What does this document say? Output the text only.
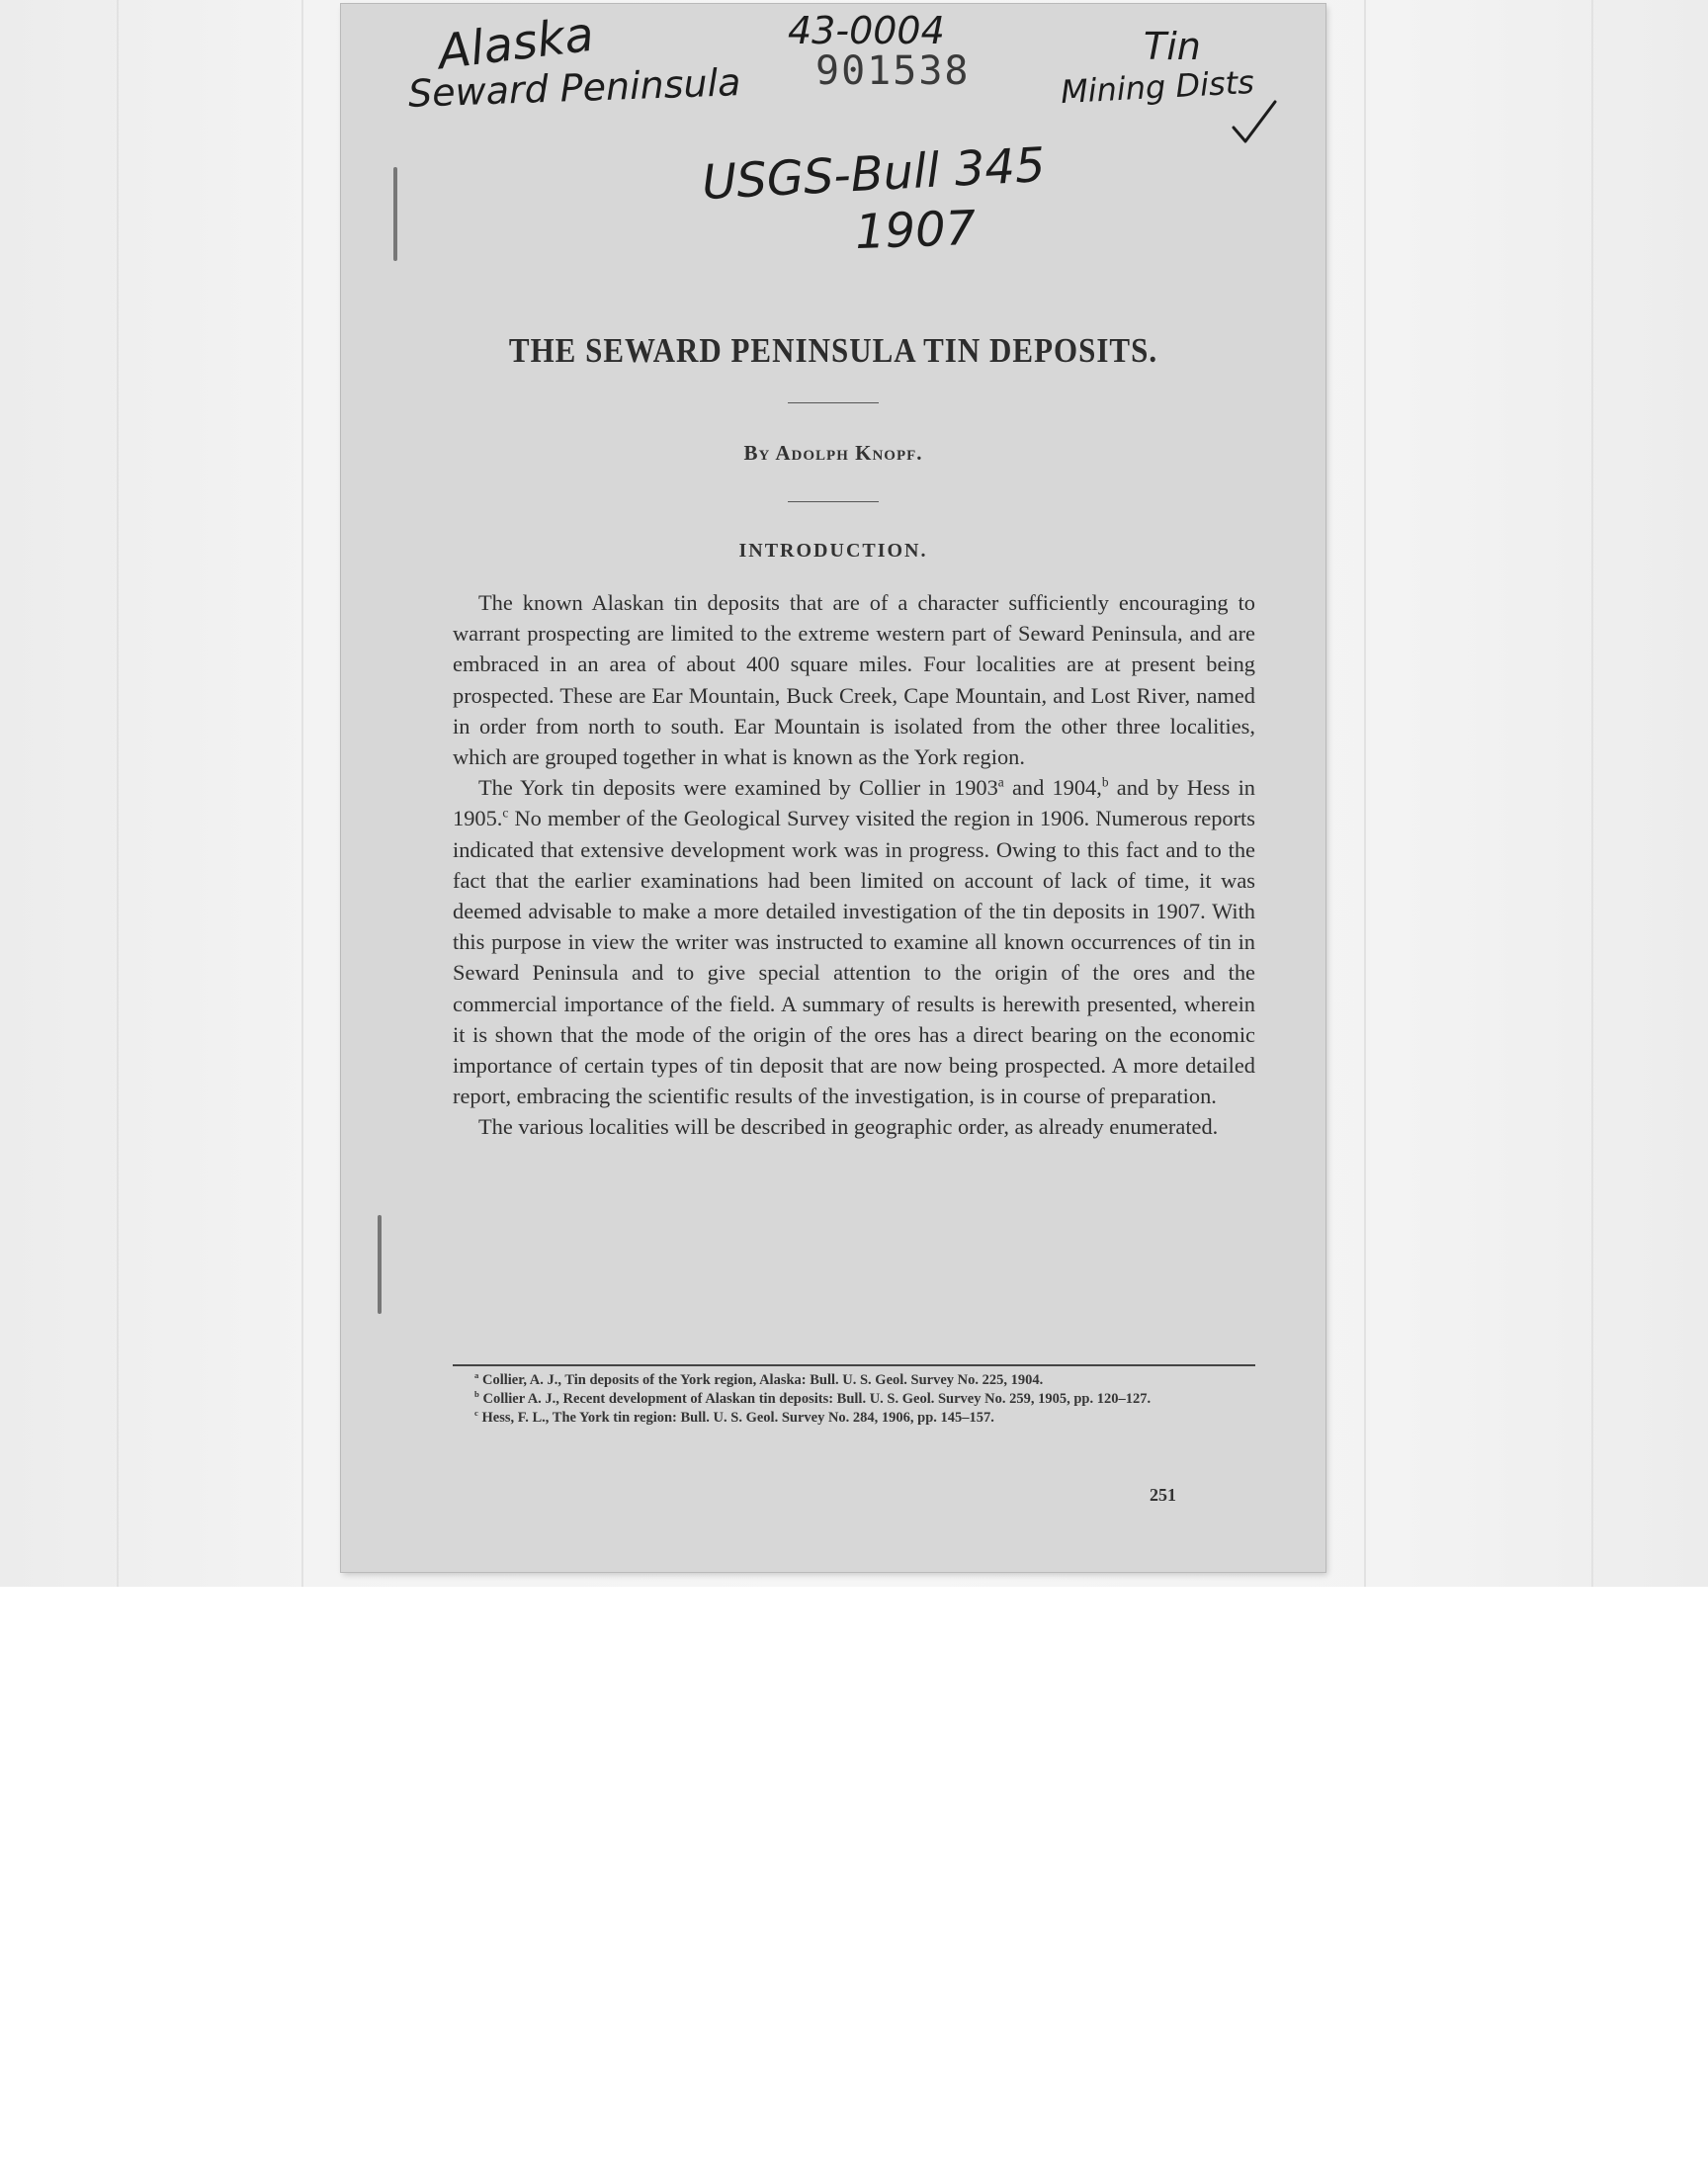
Alaska
Seward Peninsula
43-0004
901538
Tin
Mining Dists
USGS-Bull 345
1907
THE SEWARD PENINSULA TIN DEPOSITS.
By Adolph Knopf.
INTRODUCTION.

The known Alaskan tin deposits that are of a character sufficiently encouraging to warrant prospecting are limited to the extreme western part of Seward Peninsula, and are embraced in an area of about 400 square miles. Four localities are at present being prospected. These are Ear Mountain, Buck Creek, Cape Mountain, and Lost River, named in order from north to south. Ear Mountain is isolated from the other three localities, which are grouped together in what is known as the York region.

The York tin deposits were examined by Collier in 1903$^a$ and 1904,$^b$ and by Hess in 1905.$^c$ No member of the Geological Survey visited the region in 1906. Numerous reports indicated that extensive development work was in progress. Owing to this fact and to the fact that the earlier examinations had been limited on account of lack of time, it was deemed advisable to make a more detailed investigation of the tin deposits in 1907. With this purpose in view the writer was instructed to examine all known occurrences of tin in Seward Peninsula and to give special attention to the origin of the ores and the commercial importance of the field. A summary of results is herewith presented, wherein it is shown that the mode of the origin of the ores has a direct bearing on the economic importance of certain types of tin deposit that are now being prospected. A more detailed report, embracing the scientific results of the investigation, is in course of preparation.

The various localities will be described in geographic order, as already enumerated.

$^a$ Collier, A. J., Tin deposits of the York region, Alaska: Bull. U. S. Geol. Survey No. 225, 1904.

$^b$ Collier A. J., Recent development of Alaskan tin deposits: Bull. U. S. Geol. Survey No. 259, 1905, pp. 120–127.

$^c$ Hess, F. L., The York tin region: Bull. U. S. Geol. Survey No. 284, 1906, pp. 145–157.

251
